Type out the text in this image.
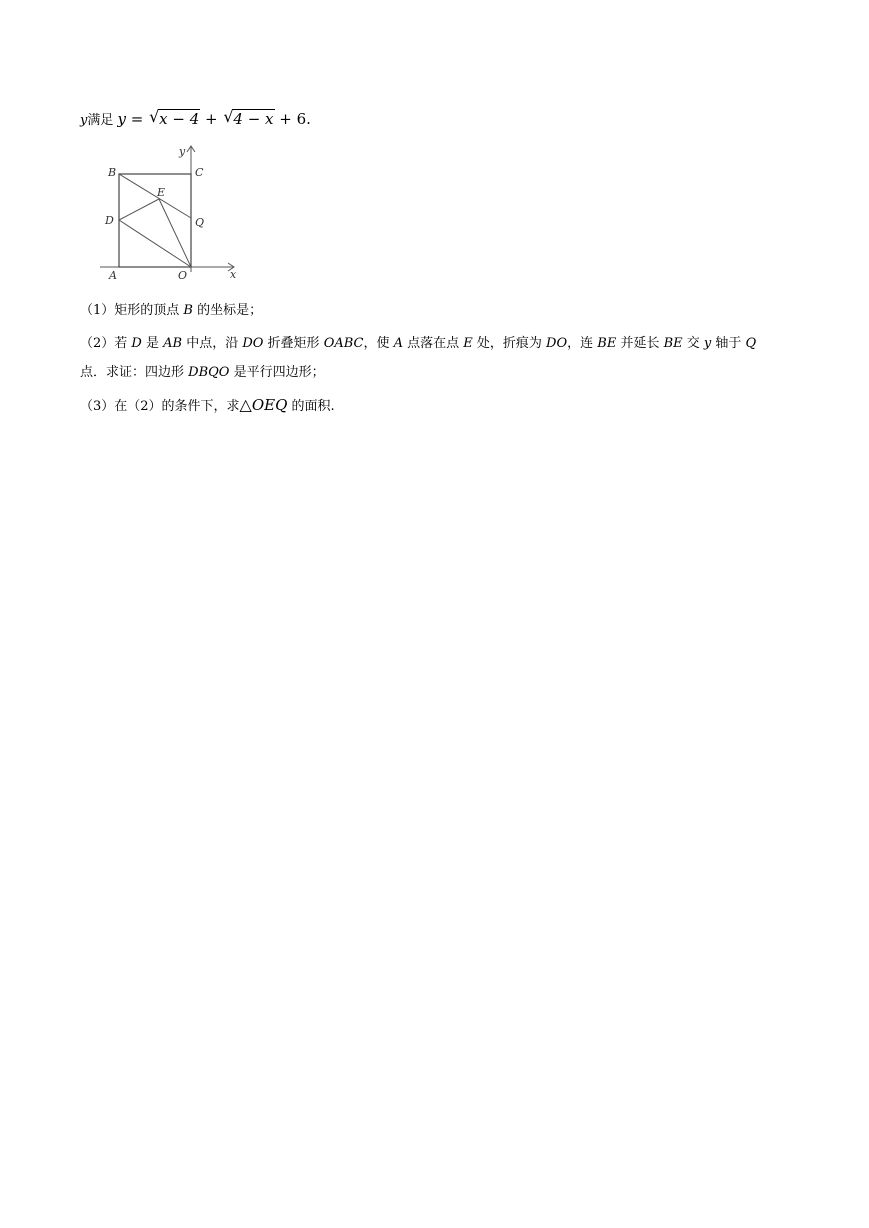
y满足 y = √ x − 4 + √ 4 − x + 6.
B	C
E
D	Q
A	O	x
y
（1）矩形的顶点 B 的坐标是；
（2）若 D 是 AB 中点，沿 DO 折叠矩形 OABC，使 A 点落在点 E 处，折痕为 DO，连 BE 并延长 BE 交 y 轴于 Q
点．求证：四边形 DBQO 是平行四边形；
（3）在（2）的条件下，求△OEQ 的面积.
